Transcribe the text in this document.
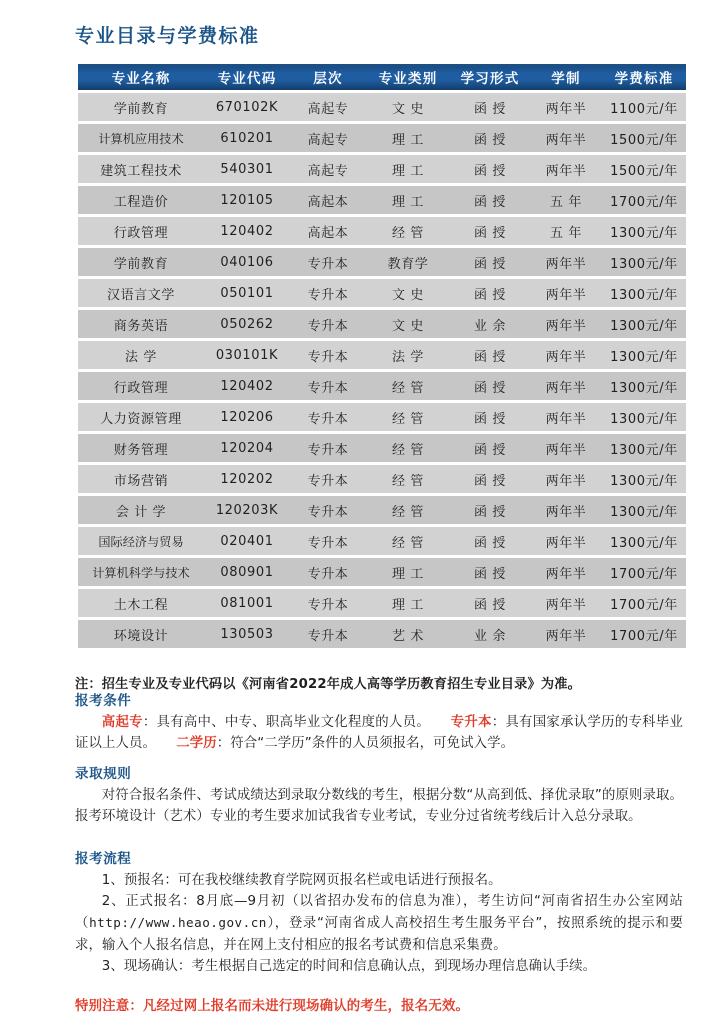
专业目录与学费标准
专业名称	专业代码	层次	专业类别	学习形式	学制	学费标准
学前教育	670102K	高起专	文 史	函 授	两年半	1100元/年
计算机应用技术	610201	高起专	理 工	函 授	两年半	1500元/年
建筑工程技术	540301	高起专	理 工	函 授	两年半	1500元/年
工程造价	120105	高起本	理 工	函 授	五 年	1700元/年
行政管理	120402	高起本	经 管	函 授	五 年	1300元/年
学前教育	040106	专升本	教育学	函 授	两年半	1300元/年
汉语言文学	050101	专升本	文 史	函 授	两年半	1300元/年
商务英语	050262	专升本	文 史	业 余	两年半	1300元/年
法 学	030101K	专升本	法 学	函 授	两年半	1300元/年
行政管理	120402	专升本	经 管	函 授	两年半	1300元/年
人力资源管理	120206	专升本	经 管	函 授	两年半	1300元/年
财务管理	120204	专升本	经 管	函 授	两年半	1300元/年
市场营销	120202	专升本	经 管	函 授	两年半	1300元/年
会 计 学	120203K	专升本	经 管	函 授	两年半	1300元/年
国际经济与贸易	020401	专升本	经 管	函 授	两年半	1300元/年
计算机科学与技术	080901	专升本	理 工	函 授	两年半	1700元/年
土木工程	081001	专升本	理 工	函 授	两年半	1700元/年
环境设计	130503	专升本	艺 术	业 余	两年半	1700元/年
注：招生专业及专业代码以《河南省2022年成人高等学历教育招生专业目录》为准。
报考条件
高起专：具有高中、中专、职高毕业文化程度的人员。　　 专升本：具有国家承认学历的专科毕业证以上人员。　　 二学历：符合“二学历”条件的人员须报名，可免试入学。
录取规则
对符合报名条件、考试成绩达到录取分数线的考生，根据分数“从高到低、择优录取”的原则录取。报考环境设计（艺术）专业的考生要求加试我省专业考试，专业分过省统考线后计入总分录取。
报考流程
1、预报名：可在我校继续教育学院网页报名栏或电话进行预报名。
2、正式报名：8月底—9月初（以省招办发布的信息为准），考生访问“河南省招生办公室网站（http://www.heao.gov.cn），登录“河南省成人高校招生考生服务平台”，按照系统的提示和要求，输入个人报名信息，并在网上支付相应的报名考试费和信息采集费。
3、现场确认：考生根据自己选定的时间和信息确认点，到现场办理信息确认手续。
特别注意：凡经过网上报名而未进行现场确认的考生，报名无效。
